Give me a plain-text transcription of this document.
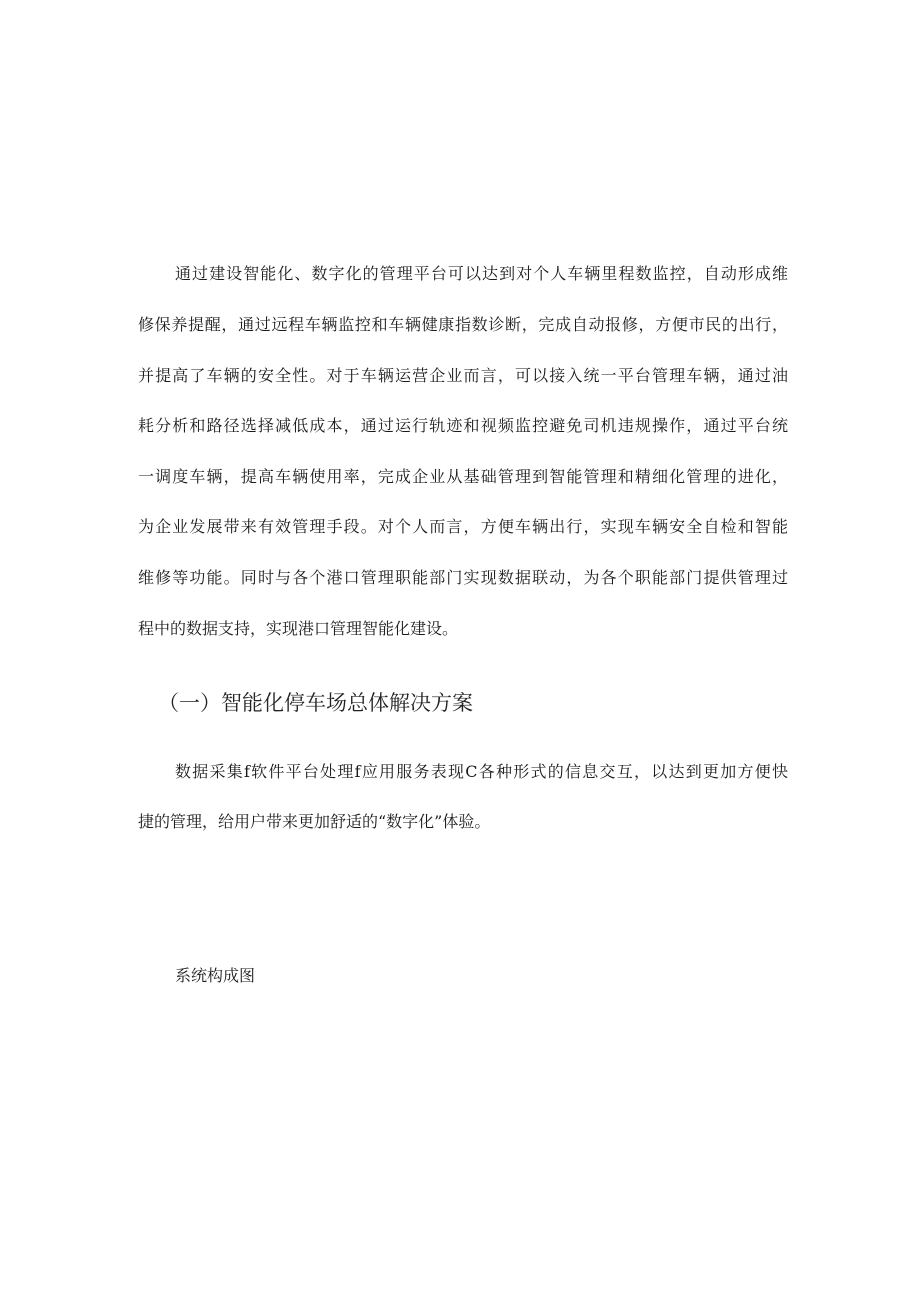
通过建设智能化、数字化的管理平台可以达到对个人车辆里程数监控，自动形成维
修保养提醒，通过远程车辆监控和车辆健康指数诊断，完成自动报修，方便市民的出行，
并提高了车辆的安全性。对于车辆运营企业而言，可以接入统一平台管理车辆，通过油
耗分析和路径选择减低成本，通过运行轨迹和视频监控避免司机违规操作，通过平台统
一调度车辆，提高车辆使用率，完成企业从基础管理到智能管理和精细化管理的进化，
为企业发展带来有效管理手段。对个人而言，方便车辆出行，实现车辆安全自检和智能
维修等功能。同时与各个港口管理职能部门实现数据联动，为各个职能部门提供管理过
程中的数据支持，实现港口管理智能化建设。
（一）智能化停车场总体解决方案
数据采集f软件平台处理f应用服务表现C各种形式的信息交互，以达到更加方便快
捷的管理，给用户带来更加舒适的“数字化”体验。
系统构成图
